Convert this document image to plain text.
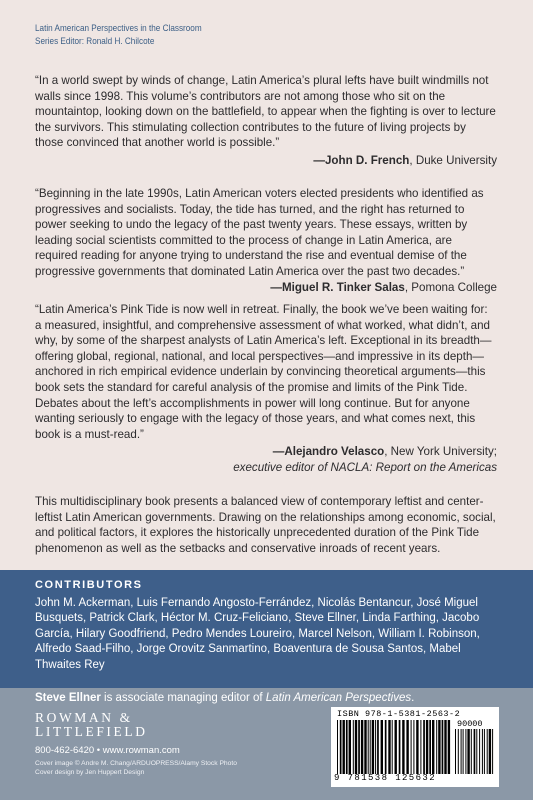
Latin American Perspectives in the Classroom
Series Editor: Ronald H. Chilcote
“In a world swept by winds of change, Latin America’s plural lefts have built windmills not walls since 1998. This volume’s contributors are not among those who sit on the mountaintop, looking down on the battlefield, to appear when the fighting is over to lecture the survivors. This stimulating collection contributes to the future of living projects by those convinced that another world is possible.”
—John D. French, Duke University
“Beginning in the late 1990s, Latin American voters elected presidents who identified as progressives and socialists. Today, the tide has turned, and the right has returned to power seeking to undo the legacy of the past twenty years. These essays, written by leading social scientists committed to the process of change in Latin America, are required reading for anyone trying to understand the rise and eventual demise of the progressive governments that dominated Latin America over the past two decades.”
—Miguel R. Tinker Salas, Pomona College
“Latin America’s Pink Tide is now well in retreat. Finally, the book we’ve been waiting for: a measured, insightful, and comprehensive assessment of what worked, what didn’t, and why, by some of the sharpest analysts of Latin America’s left. Exceptional in its breadth—offering global, regional, national, and local perspectives—and impressive in its depth—anchored in rich empirical evidence underlain by convincing theoretical arguments—this book sets the standard for careful analysis of the promise and limits of the Pink Tide. Debates about the left’s accomplishments in power will long continue. But for anyone wanting seriously to engage with the legacy of those years, and what comes next, this book is a must-read.”
—Alejandro Velasco, New York University;
executive editor of NACLA: Report on the Americas
This multidisciplinary book presents a balanced view of contemporary leftist and center-leftist Latin American governments. Drawing on the relationships among economic, social, and political factors, it explores the historically unprecedented duration of the Pink Tide phenomenon as well as the setbacks and conservative inroads of recent years.
CONTRIBUTORS
John M. Ackerman, Luis Fernando Angosto-Ferrández, Nicolás Bentancur, José Miguel Busquets, Patrick Clark, Héctor M. Cruz-Feliciano, Steve Ellner, Linda Farthing, Jacobo García, Hilary Goodfriend, Pedro Mendes Loureiro, Marcel Nelson, William I. Robinson, Alfredo Saad-Filho, Jorge Orovitz Sanmartino, Boaventura de Sousa Santos, Mabel Thwaites Rey
Steve Ellner is associate managing editor of Latin American Perspectives.
ROWMAN &
LITTLEFIELD
800-462-6420 • www.rowman.com
Cover image © Andre M. Chang/ARDUOPRESS/Alamy Stock Photo
Cover design by Jen Huppert Design
ISBN 978-1-5381-2563-2
90000
9 781538 125632
